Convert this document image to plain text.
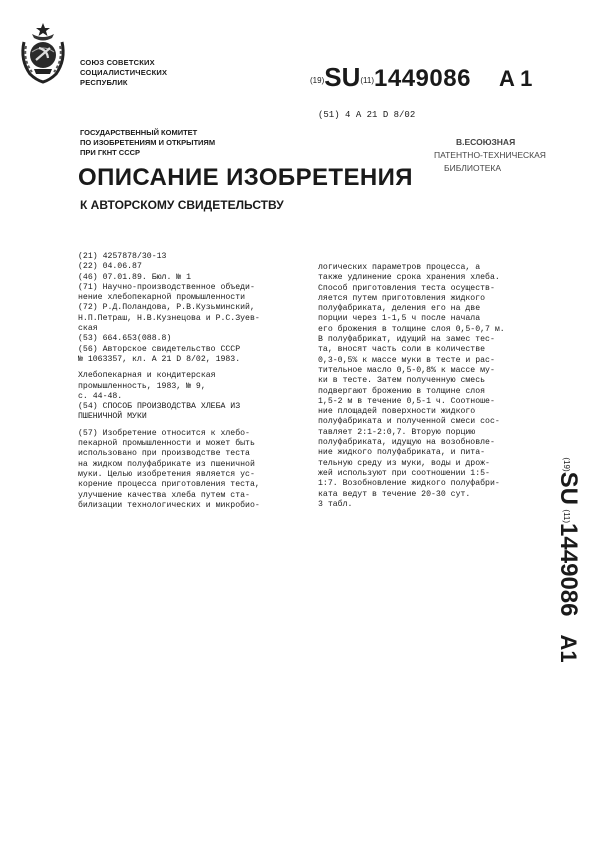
СОЮЗ СОВЕТСКИХ
СОЦИАЛИСТИЧЕСКИХ
РЕСПУБЛИК	(19)SU(11)1449086 A 1
(51) 4 А 21 D 8/02
ГОСУДАРСТВЕННЫЙ КОМИТЕТ
ПО ИЗОБРЕТЕНИЯМ И ОТКРЫТИЯМ
ПРИ ГКНТ СССР
В.ЕСОЮЗНАЯ
ПАТЕНТНО-ТЕХНИЧЕСКАЯ
БИБЛИОТЕКА
ОПИСАНИЕ ИЗОБРЕТЕНИЯ
К АВТОРСКОМУ СВИДЕТЕЛЬСТВУ
(21) 4257878/30-13
(22) 04.06.87
(46) 07.01.89. Бюл. № 1
(71) Научно-производственное объеди-
нение хлебопекарной промышленности
(72) Р.Д.Поландова, Р.В.Кузьминский,
Н.П.Петраш, Н.В.Кузнецова и Р.С.Зуев-
ская
(53) 664.653(088.8)
(56) Авторское свидетельство СССР
№ 1063357, кл. А 21 D 8/02, 1983.
Хлебопекарная и кондитерская
промышленность, 1983, № 9,
с. 44-48.
(54) СПОСОБ ПРОИЗВОДСТВА ХЛЕБА ИЗ
ПШЕНИЧНОЙ МУКИ
(57) Изобретение относится к хлебо-
пекарной промышленности и может быть
использовано при производстве теста
на жидком полуфабрикате из пшеничной
муки. Целью изобретения является ус-
корение процесса приготовления теста,
улучшение качества хлеба путем ста-
билизации технологических и микробио-
логических параметров процесса, а
также удлинение срока хранения хлеба.
Способ приготовления теста осуществ-
ляется путем приготовления жидкого
полуфабриката, деления его на две
порции через 1-1,5 ч после начала
его брожения в толщине слоя 0,5-0,7 м.
В полуфабрикат, идущий на замес тес-
та, вносят часть соли в количестве
0,3-0,5% к массе муки в тесте и рас-
тительное масло 0,5-0,8% к массе му-
ки в тесте. Затем полученную смесь
подвергают брожению в толщине слоя
1,5-2 м в течение 0,5-1 ч. Соотноше-
ние площадей поверхности жидкого
полуфабриката и полученной смеси сос-
тавляет 2:1-2:0,7. Вторую порцию
полуфабриката, идущую на возобновле-
ние жидкого полуфабриката, и пита-
тельную среду из муки, воды и дрож-
жей используют при соотношении 1:5-
1:7. Возобновление жидкого полуфабри-
ката ведут в течение 20-30 сут.
3 табл.
(19)SU (11)1449086A1
